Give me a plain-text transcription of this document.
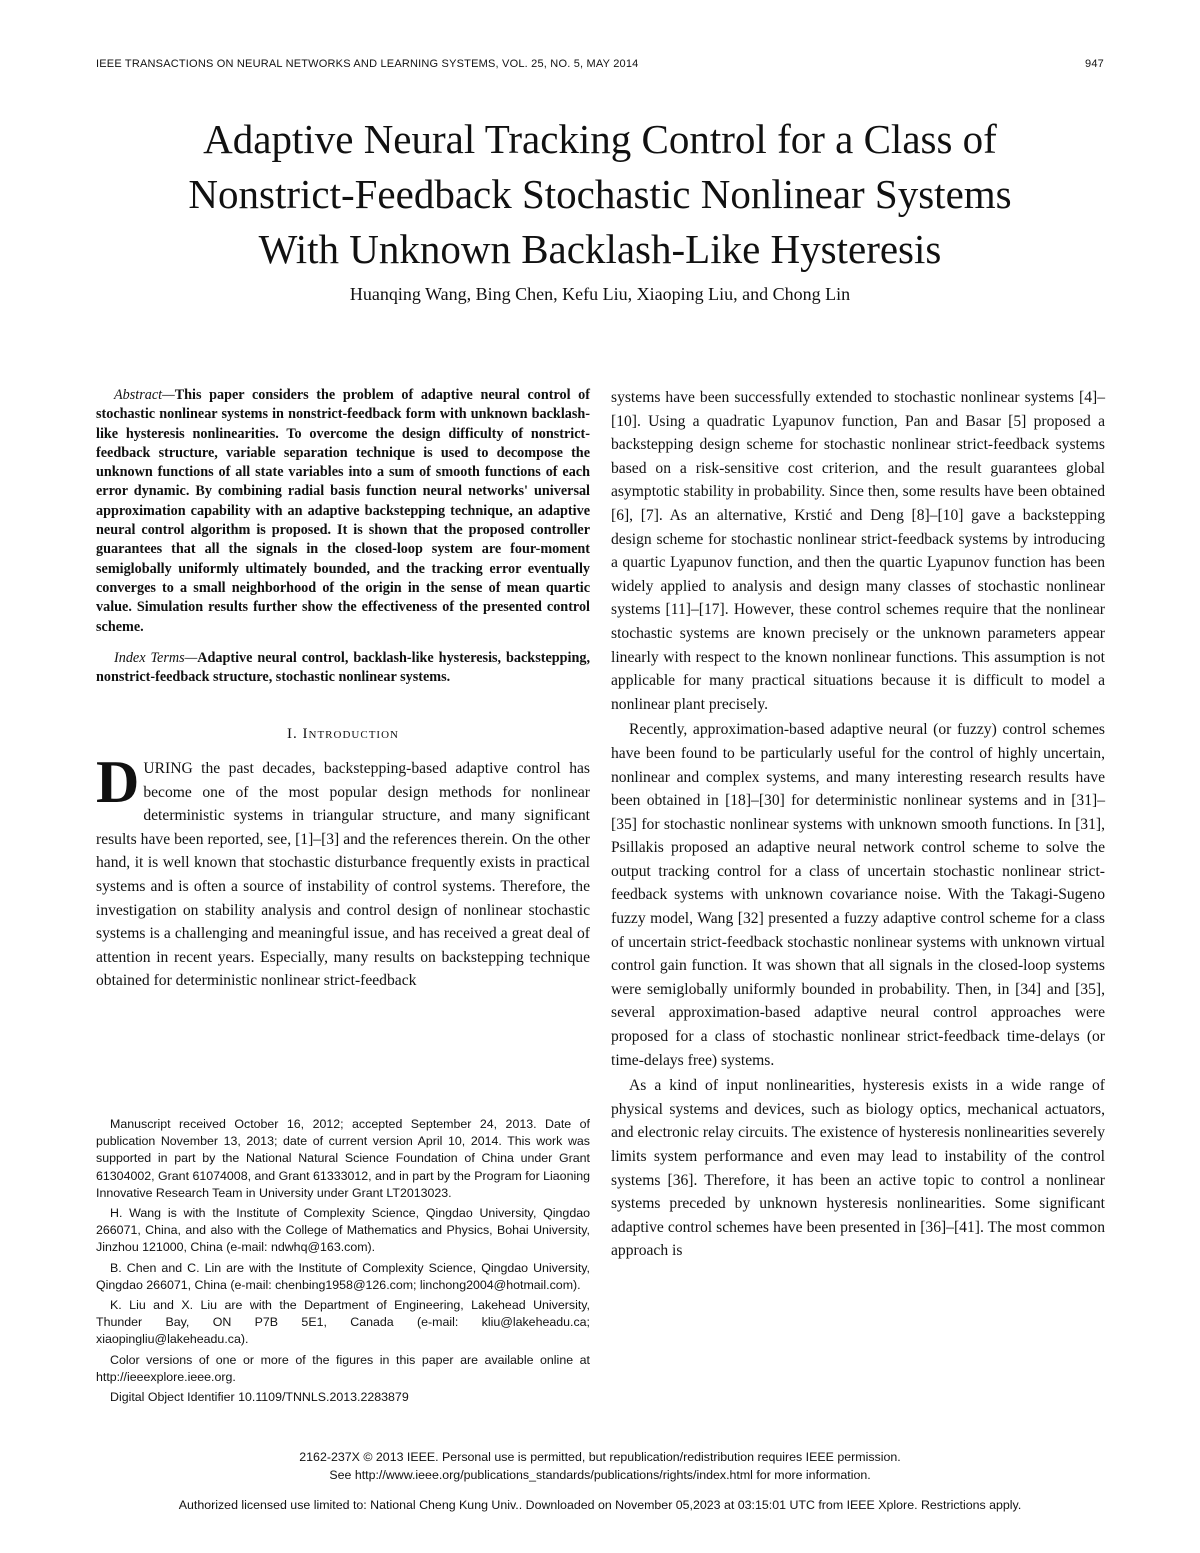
IEEE TRANSACTIONS ON NEURAL NETWORKS AND LEARNING SYSTEMS, VOL. 25, NO. 5, MAY 2014	947
Adaptive Neural Tracking Control for a Class of
Nonstrict-Feedback Stochastic Nonlinear Systems
With Unknown Backlash-Like Hysteresis
Huanqing Wang, Bing Chen, Kefu Liu, Xiaoping Liu, and Chong Lin

Abstract—This paper considers the problem of adaptive neural control of stochastic nonlinear systems in nonstrict-feedback form with unknown backlash-like hysteresis nonlinearities. To overcome the design difficulty of nonstrict-feedback structure, variable separation technique is used to decompose the unknown functions of all state variables into a sum of smooth functions of each error dynamic. By combining radial basis function neural networks' universal approximation capability with an adaptive backstepping technique, an adaptive neural control algorithm is proposed. It is shown that the proposed controller guarantees that all the signals in the closed-loop system are four-moment semiglobally uniformly ultimately bounded, and the tracking error eventually converges to a small neighborhood of the origin in the sense of mean quartic value. Simulation results further show the effectiveness of the presented control scheme.

Index Terms—Adaptive neural control, backlash-like hysteresis, backstepping, nonstrict-feedback structure, stochastic nonlinear systems.

I. Introduction

DURING the past decades, backstepping-based adaptive control has become one of the most popular design methods for nonlinear deterministic systems in triangular structure, and many significant results have been reported, see, [1]–[3] and the references therein. On the other hand, it is well known that stochastic disturbance frequently exists in practical systems and is often a source of instability of control systems. Therefore, the investigation on stability analysis and control design of nonlinear stochastic systems is a challenging and meaningful issue, and has received a great deal of attention in recent years. Especially, many results on backstepping technique obtained for deterministic nonlinear strict-feedback

Manuscript received October 16, 2012; accepted September 24, 2013. Date of publication November 13, 2013; date of current version April 10, 2014. This work was supported in part by the National Natural Science Foundation of China under Grant 61304002, Grant 61074008, and Grant 61333012, and in part by the Program for Liaoning Innovative Research Team in University under Grant LT2013023.

H. Wang is with the Institute of Complexity Science, Qingdao University, Qingdao 266071, China, and also with the College of Mathematics and Physics, Bohai University, Jinzhou 121000, China (e-mail: ndwhq@163.com).

B. Chen and C. Lin are with the Institute of Complexity Science, Qingdao University, Qingdao 266071, China (e-mail: chenbing1958@126.com; linchong2004@hotmail.com).

K. Liu and X. Liu are with the Department of Engineering, Lakehead University, Thunder Bay, ON P7B 5E1, Canada (e-mail: kliu@lakeheadu.ca; xiaopingliu@lakeheadu.ca).

Color versions of one or more of the figures in this paper are available online at http://ieeexplore.ieee.org.

Digital Object Identifier 10.1109/TNNLS.2013.2283879

systems have been successfully extended to stochastic nonlinear systems [4]–[10]. Using a quadratic Lyapunov function, Pan and Basar [5] proposed a backstepping design scheme for stochastic nonlinear strict-feedback systems based on a risk-sensitive cost criterion, and the result guarantees global asymptotic stability in probability. Since then, some results have been obtained [6], [7]. As an alternative, Krstić and Deng [8]–[10] gave a backstepping design scheme for stochastic nonlinear strict-feedback systems by introducing a quartic Lyapunov function, and then the quartic Lyapunov function has been widely applied to analysis and design many classes of stochastic nonlinear systems [11]–[17]. However, these control schemes require that the nonlinear stochastic systems are known precisely or the unknown parameters appear linearly with respect to the known nonlinear functions. This assumption is not applicable for many practical situations because it is difficult to model a nonlinear plant precisely.

Recently, approximation-based adaptive neural (or fuzzy) control schemes have been found to be particularly useful for the control of highly uncertain, nonlinear and complex systems, and many interesting research results have been obtained in [18]–[30] for deterministic nonlinear systems and in [31]–[35] for stochastic nonlinear systems with unknown smooth functions. In [31], Psillakis proposed an adaptive neural network control scheme to solve the output tracking control for a class of uncertain stochastic nonlinear strict-feedback systems with unknown covariance noise. With the Takagi-Sugeno fuzzy model, Wang [32] presented a fuzzy adaptive control scheme for a class of uncertain strict-feedback stochastic nonlinear systems with unknown virtual control gain function. It was shown that all signals in the closed-loop systems were semiglobally uniformly bounded in probability. Then, in [34] and [35], several approximation-based adaptive neural control approaches were proposed for a class of stochastic nonlinear strict-feedback time-delays (or time-delays free) systems.

As a kind of input nonlinearities, hysteresis exists in a wide range of physical systems and devices, such as biology optics, mechanical actuators, and electronic relay circuits. The existence of hysteresis nonlinearities severely limits system performance and even may lead to instability of the control systems [36]. Therefore, it has been an active topic to control a nonlinear systems preceded by unknown hysteresis nonlinearities. Some significant adaptive control schemes have been presented in [36]–[41]. The most common approach is

2162-237X © 2013 IEEE. Personal use is permitted, but republication/redistribution requires IEEE permission.
See http://www.ieee.org/publications_standards/publications/rights/index.html for more information.
Authorized licensed use limited to: National Cheng Kung Univ.. Downloaded on November 05,2023 at 03:15:01 UTC from IEEE Xplore. Restrictions apply.
